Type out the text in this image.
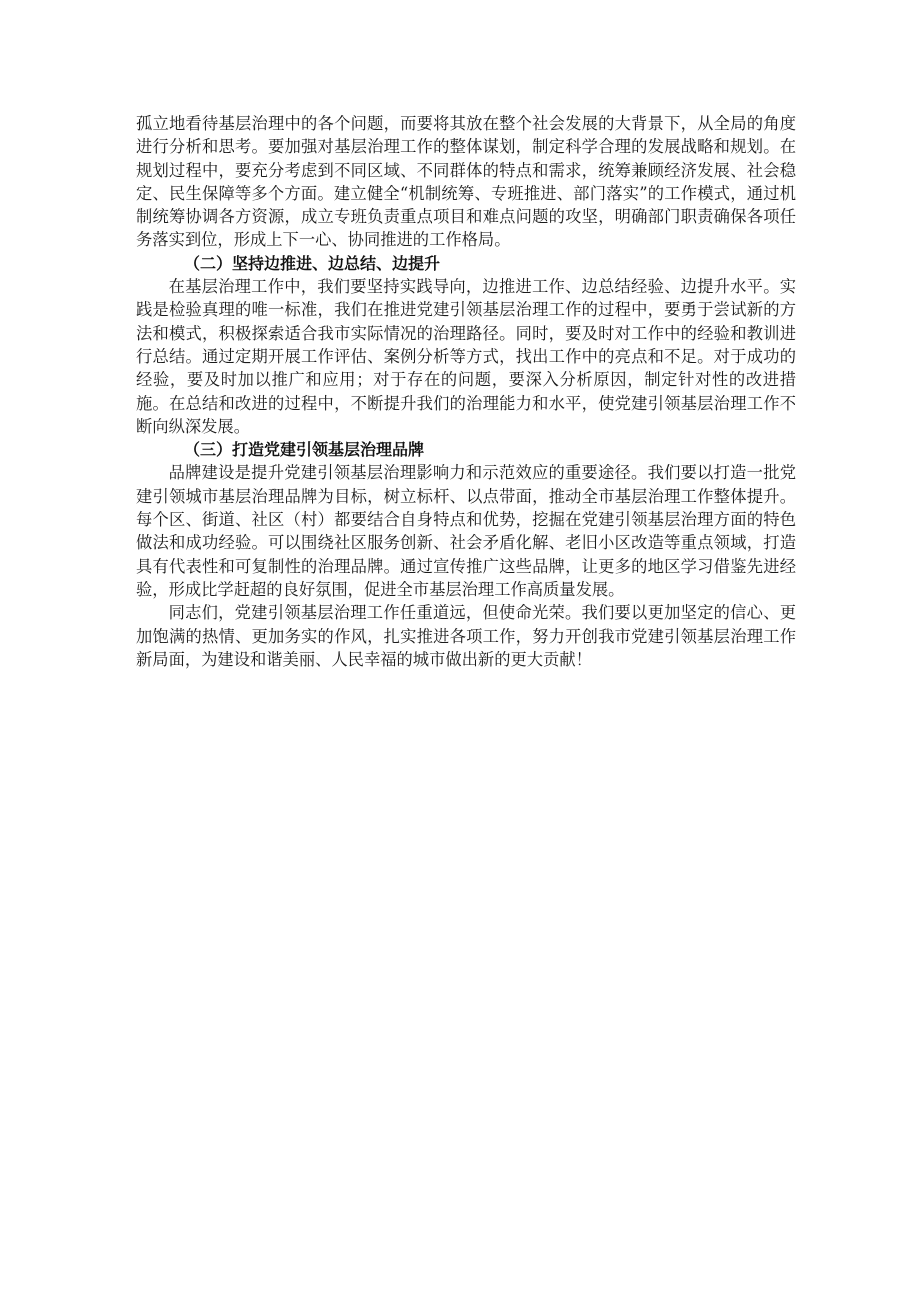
孤立地看待基层治理中的各个问题，而要将其放在整个社会发展的大背景下，从全局的角度进行分析和思考。要加强对基层治理工作的整体谋划，制定科学合理的发展战略和规划。在规划过程中，要充分考虑到不同区域、不同群体的特点和需求，统筹兼顾经济发展、社会稳定、民生保障等多个方面。建立健全“机制统筹、专班推进、部门落实”的工作模式，通过机制统筹协调各方资源，成立专班负责重点项目和难点问题的攻坚，明确部门职责确保各项任务落实到位，形成上下一心、协同推进的工作格局。

（二）坚持边推进、边总结、边提升

在基层治理工作中，我们要坚持实践导向，边推进工作、边总结经验、边提升水平。实践是检验真理的唯一标准，我们在推进党建引领基层治理工作的过程中，要勇于尝试新的方法和模式，积极探索适合我市实际情况的治理路径。同时，要及时对工作中的经验和教训进行总结。通过定期开展工作评估、案例分析等方式，找出工作中的亮点和不足。对于成功的经验，要及时加以推广和应用；对于存在的问题，要深入分析原因，制定针对性的改进措施。在总结和改进的过程中，不断提升我们的治理能力和水平，使党建引领基层治理工作不断向纵深发展。

（三）打造党建引领基层治理品牌

品牌建设是提升党建引领基层治理影响力和示范效应的重要途径。我们要以打造一批党建引领城市基层治理品牌为目标，树立标杆、以点带面，推动全市基层治理工作整体提升。每个区、街道、社区（村）都要结合自身特点和优势，挖掘在党建引领基层治理方面的特色做法和成功经验。可以围绕社区服务创新、社会矛盾化解、老旧小区改造等重点领域，打造具有代表性和可复制性的治理品牌。通过宣传推广这些品牌，让更多的地区学习借鉴先进经验，形成比学赶超的良好氛围，促进全市基层治理工作高质量发展。

同志们，党建引领基层治理工作任重道远，但使命光荣。我们要以更加坚定的信心、更加饱满的热情、更加务实的作风，扎实推进各项工作，努力开创我市党建引领基层治理工作新局面，为建设和谐美丽、人民幸福的城市做出新的更大贡献！
